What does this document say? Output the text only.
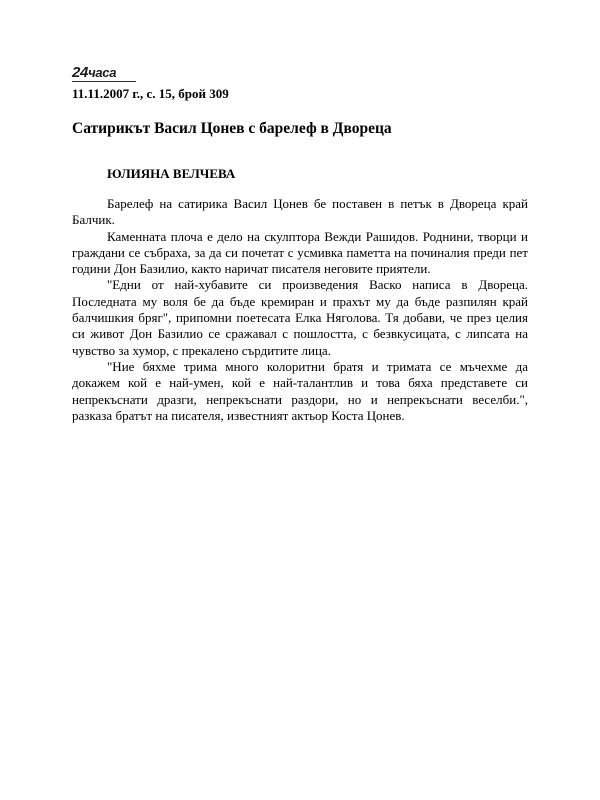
24часа
11.11.2007 г., с. 15, брой 309
Сатирикът Васил Цонев с барелеф в Двореца
ЮЛИЯНА ВЕЛЧЕВА

Барелеф на сатирика Васил Цонев бе поставен в петък в Двореца край Балчик.

Каменната плоча е дело на скулптора Вежди Рашидов. Роднини, творци и граждани се събраха, за да си почетат с усмивка паметта на починалия преди пет години Дон Базилио, както наричат писателя неговите приятели.

"Едни от най-хубавите си произведения Васко написа в Двореца. Последната му воля бе да бъде кремиран и прахът му да бъде разпилян край балчишкия бряг", припомни поетесата Елка Няголова. Тя добави, че през целия си живот Дон Базилио се сражавал с пошлостта, с безвкусицата, с липсата на чувство за хумор, с прекалено сърдитите лица.

"Ние бяхме трима много колоритни братя и тримата се мъчехме да докажем кой е най-умен, кой е най-талантлив и това бяха представете си непрекъснати дразги, непрекъснати раздори, но и непрекъснати веселби.", разказа братът на писателя, известният актьор Коста Цонев.
